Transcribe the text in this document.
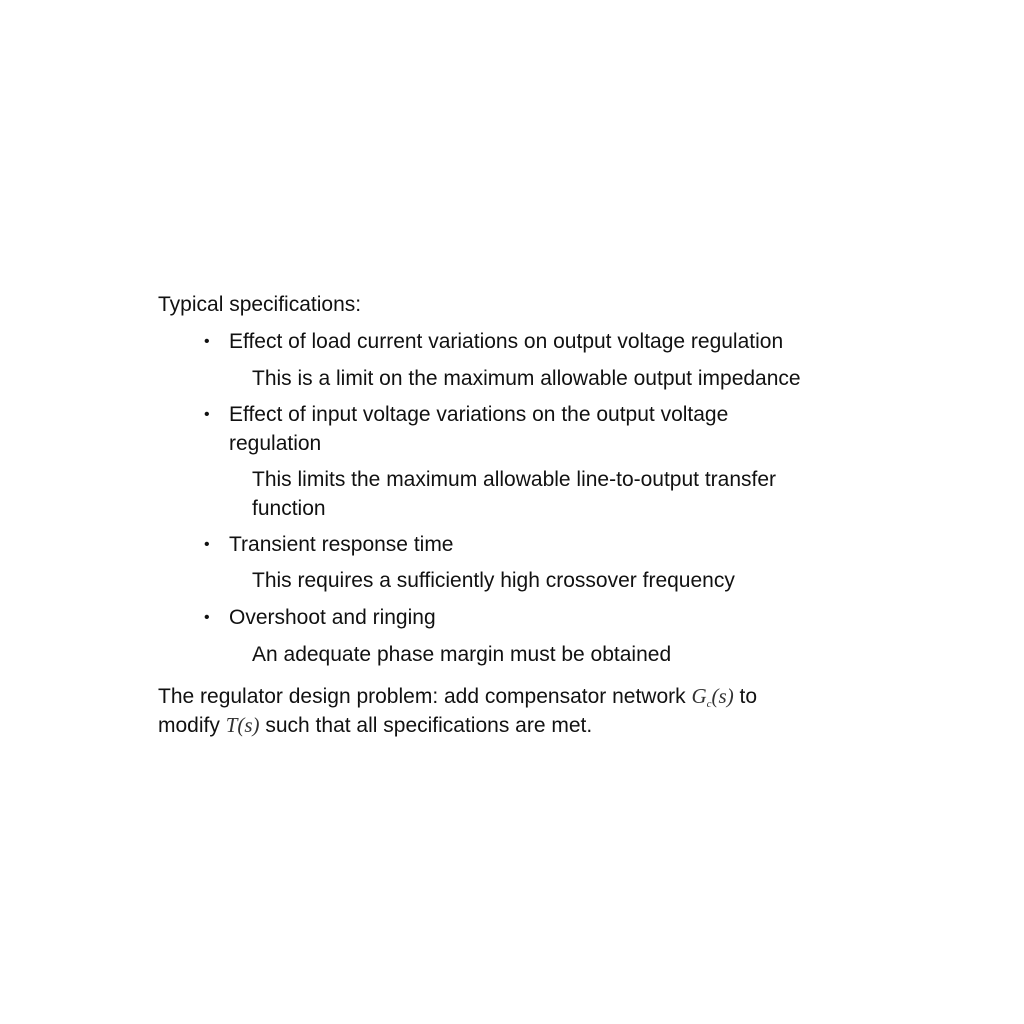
Typical specifications:
• Effect of load current variations on output voltage regulation
This is a limit on the maximum allowable output impedance
• Effect of input voltage variations on the output voltage
regulation
This limits the maximum allowable line-to-output transfer
function
• Transient response time
This requires a sufficiently high crossover frequency
• Overshoot and ringing
An adequate phase margin must be obtained
The regulator design problem: add compensator network $G_c(s)$ to
modify T(s) such that all specifications are met.
